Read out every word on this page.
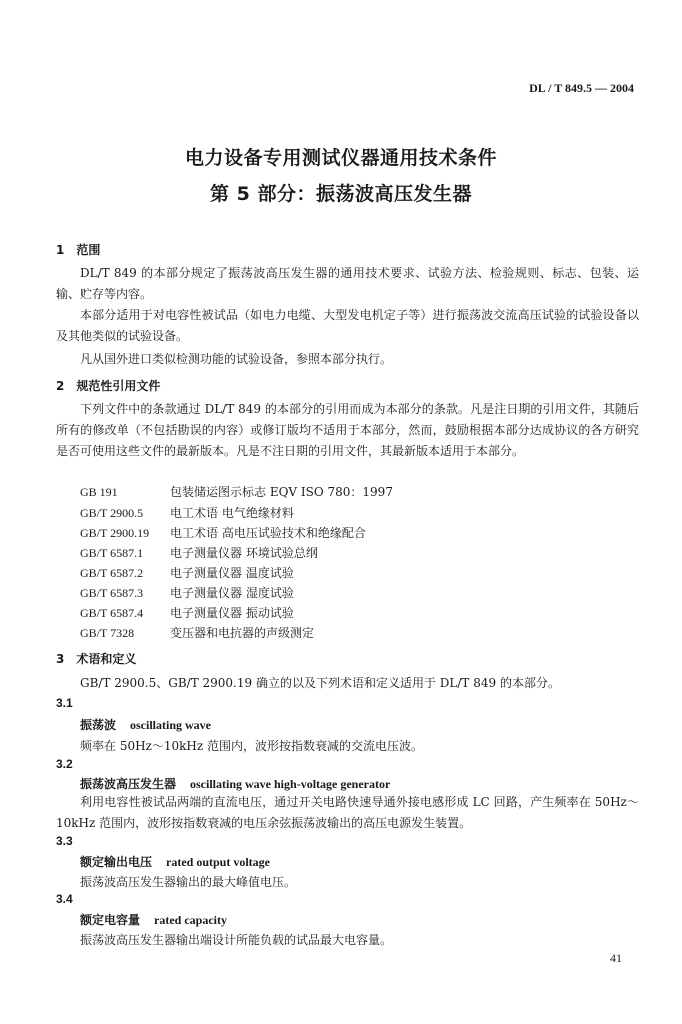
DL / T 849.5 — 2004
电力设备专用测试仪器通用技术条件
第 5 部分：振荡波高压发生器
1　范围
DL/T 849 的本部分规定了振荡波高压发生器的通用技术要求、试验方法、检验规则、标志、包装、运输、贮存等内容。
本部分适用于对电容性被试品（如电力电缆、大型发电机定子等）进行振荡波交流高压试验的试验设备以及其他类似的试验设备。
凡从国外进口类似检测功能的试验设备，参照本部分执行。
2　规范性引用文件
下列文件中的条款通过 DL/T 849 的本部分的引用而成为本部分的条款。凡是注日期的引用文件，其随后所有的修改单（不包括勘误的内容）或修订版均不适用于本部分，然而，鼓励根据本部分达成协议的各方研究是否可使用这些文件的最新版本。凡是不注日期的引用文件，其最新版本适用于本部分。
GB 191	包装储运图示标志 EQV ISO 780：1997
GB/T 2900.5 电工术语 电气绝缘材料
GB/T 2900.19 电工术语 高电压试验技术和绝缘配合
GB/T 6587.1 电子测量仪器 环境试验总纲
GB/T 6587.2 电子测量仪器 温度试验
GB/T 6587.3 电子测量仪器 湿度试验
GB/T 6587.4 电子测量仪器 振动试验
GB/T 7328	变压器和电抗器的声级测定
3　术语和定义
GB/T 2900.5、GB/T 2900.19 确立的以及下列术语和定义适用于 DL/T 849 的本部分。
3.1
振荡波 oscillating wave
频率在 50Hz～10kHz 范围内，波形按指数衰减的交流电压波。
3.2
振荡波高压发生器 oscillating wave high-voltage generator
利用电容性被试品两端的直流电压，通过开关电路快速导通外接电感形成 LC 回路，产生频率在 50Hz～10kHz 范围内，波形按指数衰减的电压余弦振荡波输出的高压电源发生装置。
3.3
额定输出电压 rated output voltage
振荡波高压发生器输出的最大峰值电压。
3.4
额定电容量 rated capacity
振荡波高压发生器输出端设计所能负载的试品最大电容量。
41
